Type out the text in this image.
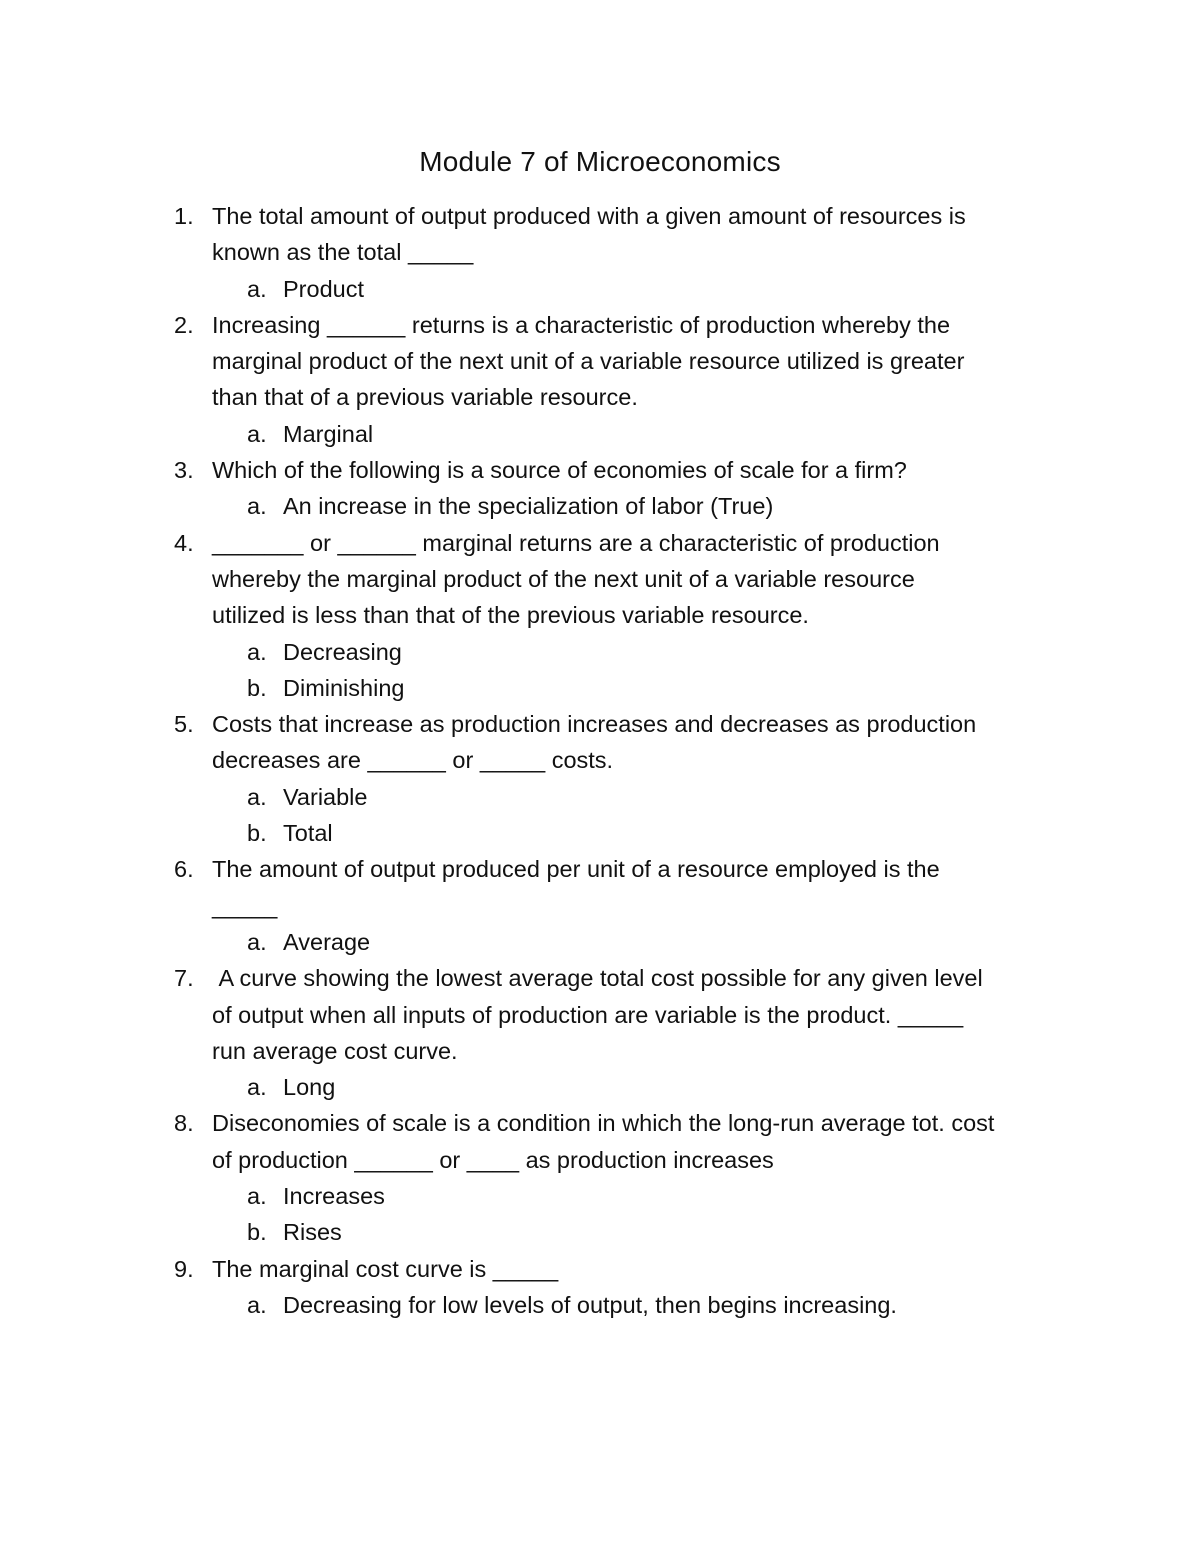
Module 7 of Microeconomics
1. The total amount of output produced with a given amount of resources is
known as the total _____
a. Product
2. Increasing ______ returns is a characteristic of production whereby the
marginal product of the next unit of a variable resource utilized is greater
than that of a previous variable resource.
a. Marginal
3. Which of the following is a source of economies of scale for a firm?
a. An increase in the specialization of labor (True)
4. _______ or ______ marginal returns are a characteristic of production
whereby the marginal product of the next unit of a variable resource
utilized is less than that of the previous variable resource.
a. Decreasing
b. Diminishing
5. Costs that increase as production increases and decreases as production
decreases are ______ or _____ costs.
a. Variable
b. Total
6. The amount of output produced per unit of a resource employed is the
_____
a. Average
7. A curve showing the lowest average total cost possible for any given level
of output when all inputs of production are variable is the product. _____
run average cost curve.
a. Long
8. Diseconomies of scale is a condition in which the long-run average tot. cost
of production ______ or ____ as production increases
a. Increases
b. Rises
9. The marginal cost curve is _____
a. Decreasing for low levels of output, then begins increasing.
